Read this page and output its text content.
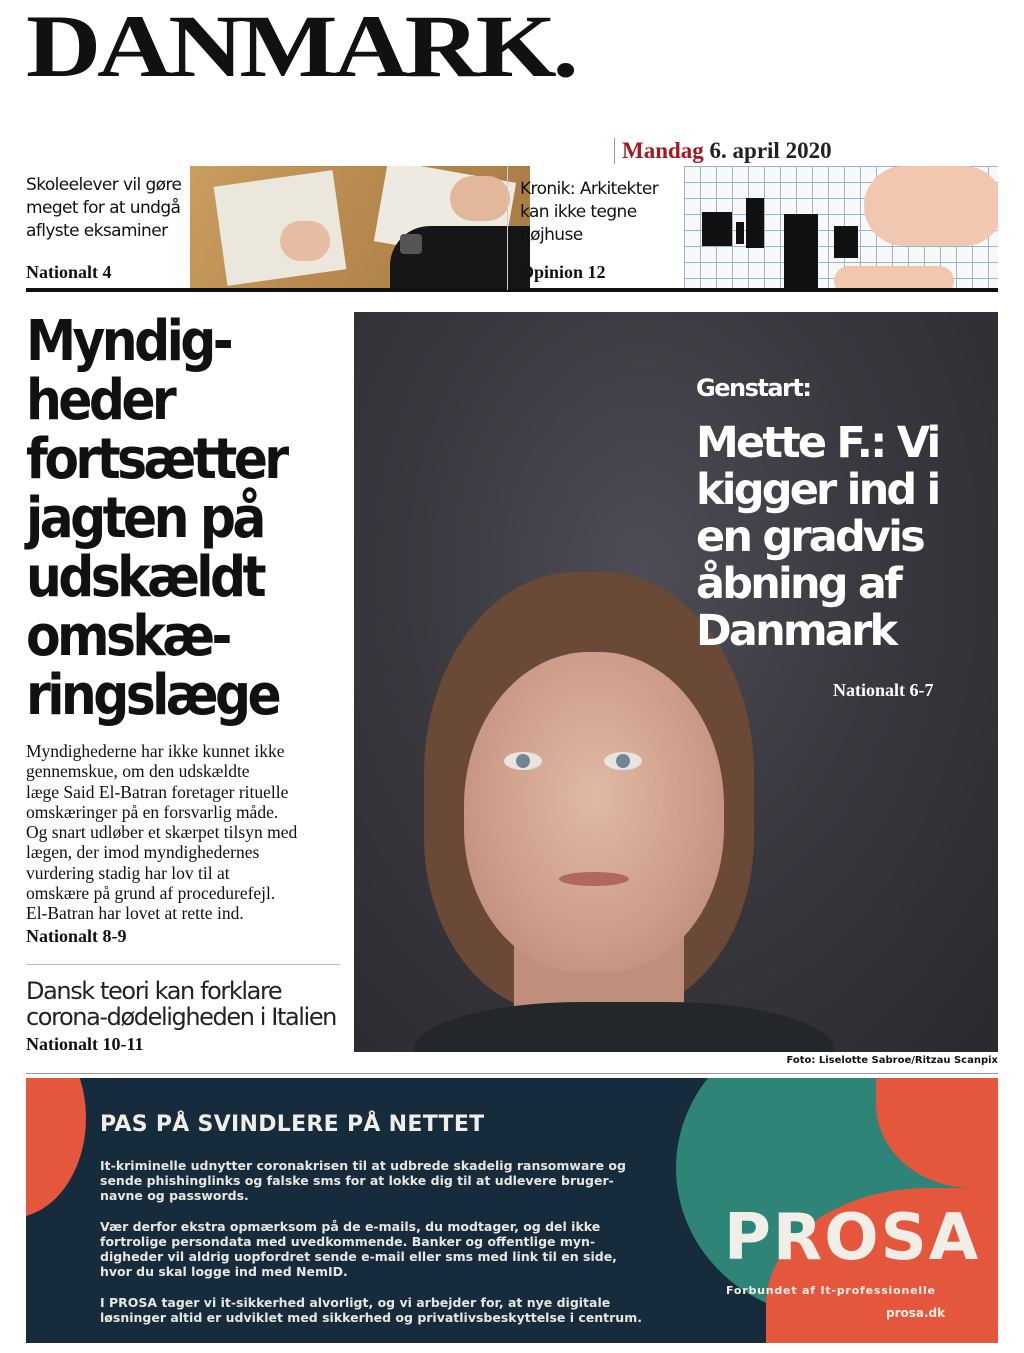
DANMARK.
Mandag 6. april 2020
Skoleelever vil gøre
meget for at undgå
aflyste eksaminer
Nationalt 4
Kronik: Arkitekter
kan ikke tegne
højhuse
Opinion 12
Myndig-
heder
fortsætter
jagten på
udskældt
omskæ-
ringslæge
Myndighederne har ikke kunnet ikke
gennemskue, om den udskældte
læge Said El-Batran foretager rituelle
omskæringer på en forsvarlig måde.
Og snart udløber et skærpet tilsyn med
lægen, der imod myndighedernes
vurdering stadig har lov til at
omskære på grund af procedurefejl.
El-Batran har lovet at rette ind.
Nationalt 8-9
Dansk teori kan forklare
corona-dødeligheden i Italien
Nationalt 10-11
Genstart:
Mette F.: Vi
kigger ind i
en gradvis
åbning af
Danmark
Nationalt 6-7
Foto: Liselotte Sabroe/Ritzau Scanpix
PAS PÅ SVINDLERE PÅ NETTET
It-kriminelle udnytter coronakrisen til at udbrede skadelig ransomware og
sende phishinglinks og falske sms for at lokke dig til at udlevere bruger-
navne og passwords.
Vær derfor ekstra opmærksom på de e-mails, du modtager, og del ikke
fortrolige persondata med uvedkommende. Banker og offentlige myn-
digheder vil aldrig uopfordret sende e-mail eller sms med link til en side,
hvor du skal logge ind med NemID.
I PROSA tager vi it-sikkerhed alvorligt, og vi arbejder for, at nye digitale
løsninger altid er udviklet med sikkerhed og privatlivsbeskyttelse i centrum.
PROSA
Forbundet af It-professionelle
prosa.dk
